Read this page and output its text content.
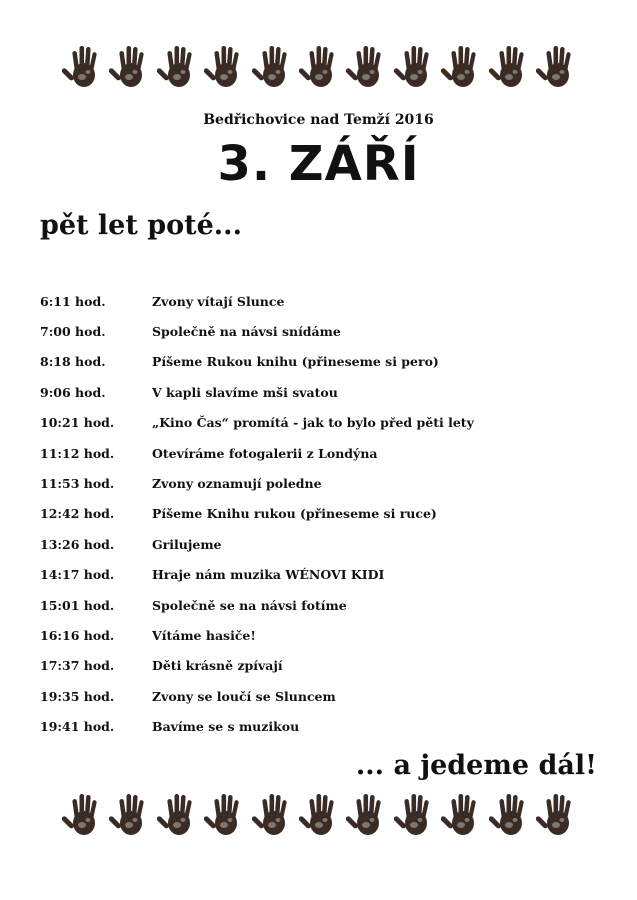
Bedřichovice nad Temží 2016
3. ZÁŘÍ
pět let poté...
6:11 hod.	Zvony vítají Slunce
7:00 hod.	Společně na návsi snídáme
8:18 hod.	Píšeme Rukou knihu (přineseme si pero)
9:06 hod.	V kapli slavíme mši svatou
10:21 hod.	„Kino Čas“ promítá - jak to bylo před pěti lety
11:12 hod.	Otevíráme fotogalerii z Londýna
11:53 hod.	Zvony oznamují poledne
12:42 hod.	Píšeme Knihu rukou (přineseme si ruce)
13:26 hod.	Grilujeme
14:17 hod.	Hraje nám muzika WÉNOVI KIDI
15:01 hod.	Společně se na návsi fotíme
16:16 hod.	Vítáme hasiče!
17:37 hod.	Děti krásně zpívají
19:35 hod.	Zvony se loučí se Sluncem
19:41 hod.	Bavíme se s muzikou
... a jedeme dál!
